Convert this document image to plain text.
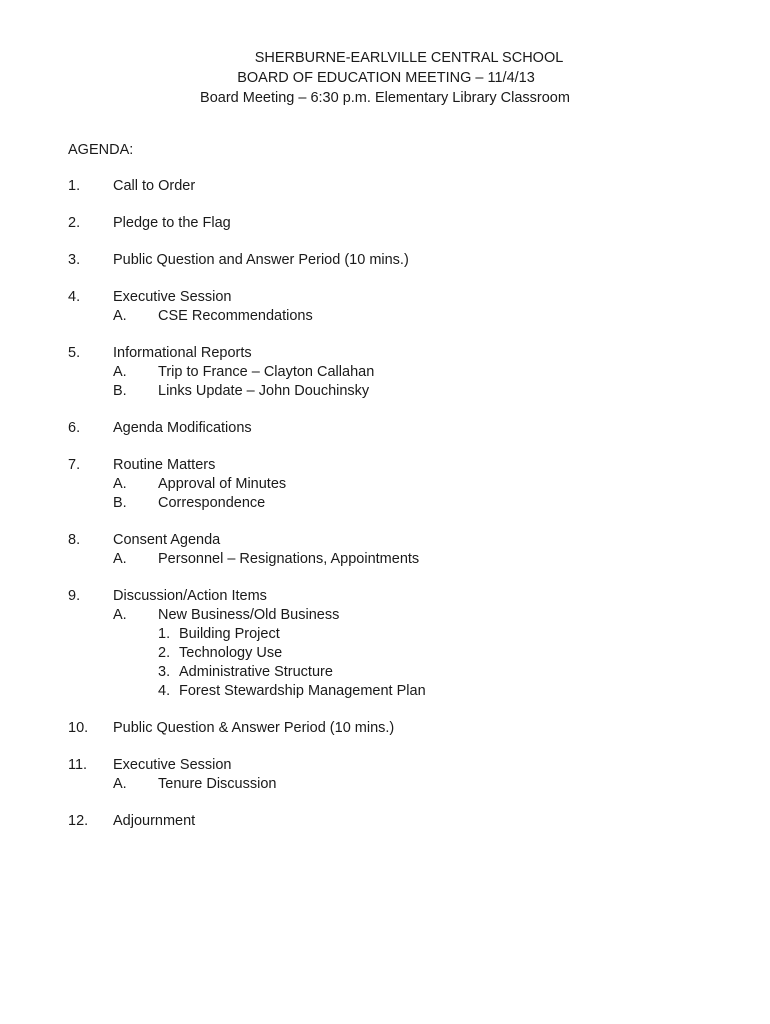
SHERBURNE-EARLVILLE CENTRAL SCHOOL
BOARD OF EDUCATION MEETING – 11/4/13
Board Meeting – 6:30 p.m. Elementary Library Classroom
AGENDA:
1.	Call to Order
2.	Pledge to the Flag
3.	Public Question and Answer Period (10 mins.)
4.	Executive Session
A.	CSE Recommendations
5.	Informational Reports
A.	Trip to France – Clayton Callahan
B.	Links Update – John Douchinsky
6.	Agenda Modifications
7.	Routine Matters
A.	Approval of Minutes
B.	Correspondence
8.	Consent Agenda
A.	Personnel – Resignations, Appointments
9.	Discussion/Action Items
A.	New Business/Old Business
1. Building Project
2. Technology Use
3. Administrative Structure
4. Forest Stewardship Management Plan
10.	Public Question & Answer Period (10 mins.)
11.	Executive Session
A.	Tenure Discussion
12.	Adjournment
